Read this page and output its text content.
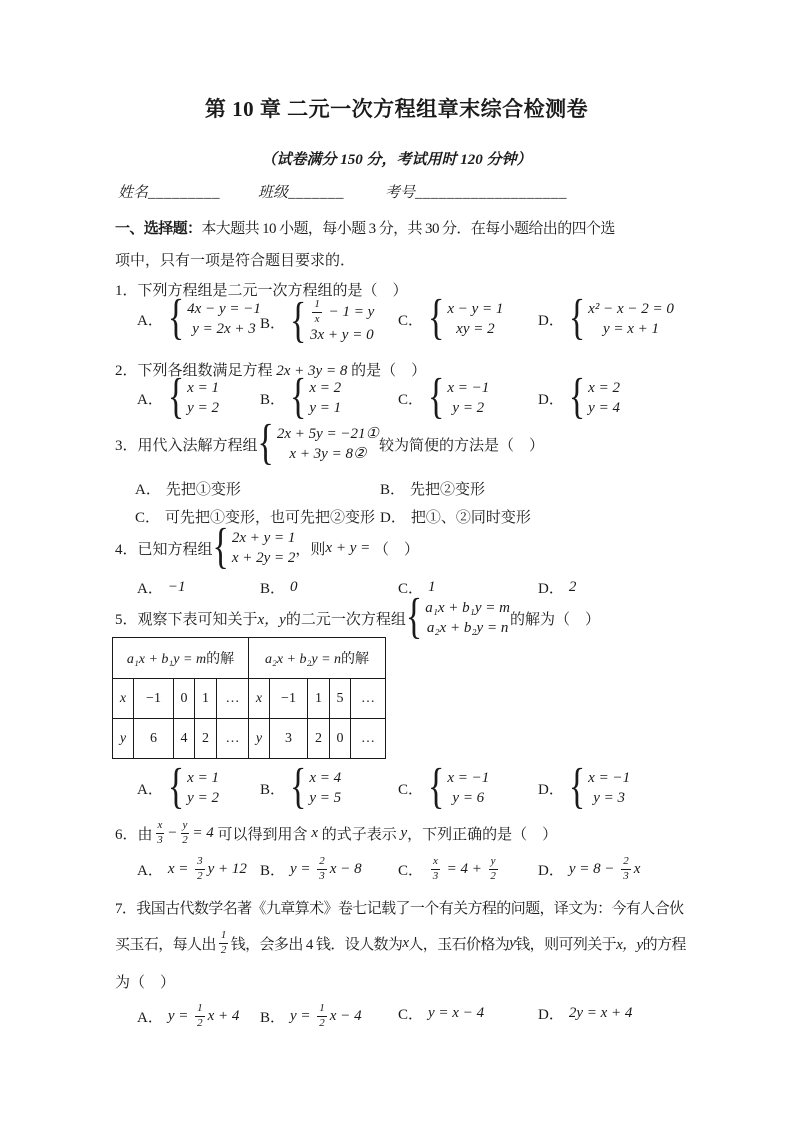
第 10 章 二元一次方程组章末综合检测卷
（试卷满分 150 分，考试用时 120 分钟）
姓名_________	班级_______	考号___________________
一、选择题：本大题共 10 小题，每小题 3 分，共 30 分．在每小题给出的四个选
项中，只有一项是符合题目要求的．
1．下列方程组是二元一次方程组的是（　）
A． { 4x − y = −1
y = 2x + 3 B． { $\frac{1}{x} - 1 = y$
3x + y = 0
C． { x − y = 1
xy = 2
D． { x² − x − 2 = 0
y = x + 1
2．下列各组数满足方程 2x + 3y = 8 的是（　）
A． { x = 1
y = 2
B． { x = 2
y = 1
C． { x = −1
y = 2
D． { x = 2
y = 4
3．用代入法解方程组 { 2x + 5y = −21①
x + 3y = 8②
较为简便的方法是（　）
A． 先把①变形	B． 先把②变形
C． 可先把①变形，也可先把②变形 D． 把①、②同时变形
4．已知方程组 { 2x + y = 1
x + 2y = 2
，则 x + y = （　）
A． −1	B． 0	C． 1	D． 2
5．观察下表可知关于 x，y 的二元一次方程组 { a₁x + b₁y = m
a₂x + b₂y = n
的解为（　）
a₁x + b₁y = m的解					a₂x + b₂y = n的解				
x	−1	0	1	…	x	−1	1	5	…
y	6	4	2	…	y	3	2	0	…
A． { x = 1
y = 2
B． { x = 4
y = 5
C． { x = −1
y = 6
D． { x = −1
y = 3
6．由 $\frac{x}{3} - \frac{y}{2} = 4$ 可以得到用含 x 的式子表示 y ，下列正确的是（　）
A． $x = \frac{3}{2}$ y + 12 B． $y = \frac{2}{3}$ x − 8 C． $\frac{x}{3} = 4 + \frac{y}{2}$	D． $y = 8 - \frac{2}{3}$ x
7．我国古代数学名著《九章算术》卷七记载了一个有关方程的问题，译文为：今有人合伙
买玉石，每人出 $\frac{1}{2}$ 钱，会多出 4 钱．设人数为 x 人，玉石价格为 y 钱，则可列关于 x，y 的方程
为（　）
A． $y = \frac{1}{2}$ x + 4 B． $y = \frac{1}{2}$ x − 4 C． y = x − 4	D． 2y = x + 4
